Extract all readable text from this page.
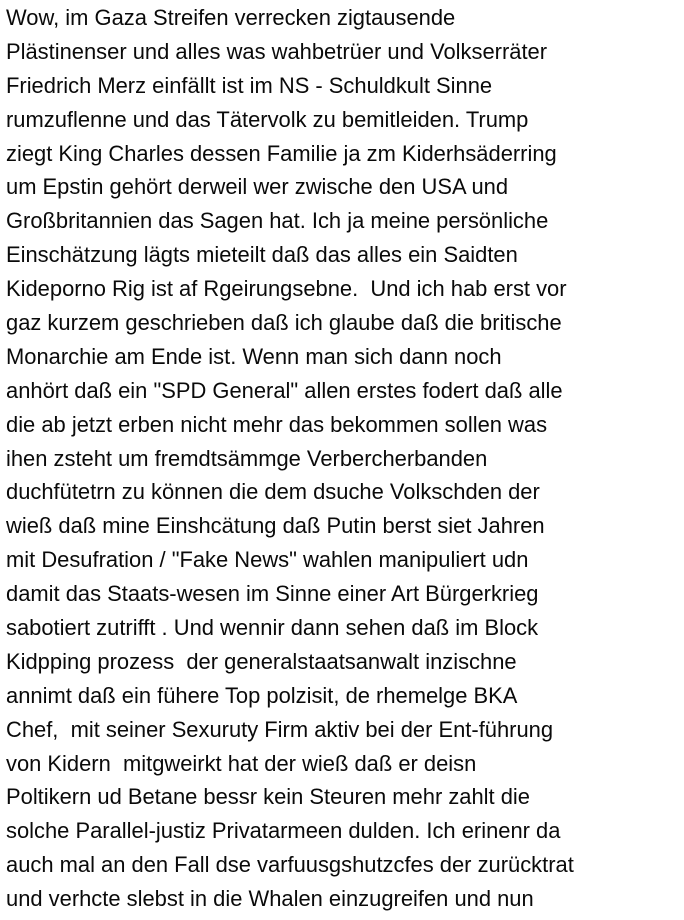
Wow, im Gaza Streifen verrecken zigtausende
Plästinenser und alles was wahbetrüer und Volkserräter
Friedrich Merz einfällt ist im NS - Schuldkult Sinne
rumzuflenne und das Tätervolk zu bemitleiden. Trump
ziegt King Charles dessen Familie ja zm Kiderhsäderring
um Epstin gehört derweil wer zwische den USA und
Großbritannien das Sagen hat. Ich ja meine persönliche
Einschätzung lägts mieteilt daß das alles ein Saidten
Kideporno Rig ist af Rgeirungsebne.  Und ich hab erst vor
gaz kurzem geschrieben daß ich glaube daß die britische
Monarchie am Ende ist. Wenn man sich dann noch
anhört daß ein "SPD General" allen erstes fodert daß alle
die ab jetzt erben nicht mehr das bekommen sollen was
ihen zsteht um fremdtsämmge Verbercherbanden
duchfütetrn zu können die dem dsuche Volkschden der
wieß daß mine Einshcätung daß Putin berst siet Jahren
mit Desufration / "Fake News" wahlen manipuliert udn
damit das Staats-wesen im Sinne einer Art Bürgerkrieg
sabotiert zutrifft . Und wennir dann sehen daß im Block
Kidpping prozess  der generalstaatsanwalt inzischne
annimt daß ein fühere Top polzisit, de rhemelge BKA
Chef,  mit seiner Sexuruty Firm aktiv bei der Ent-führung
von Kidern  mitgweirkt hat der wieß daß er deisn
Poltikern ud Betane bessr kein Steuren mehr zahlt die
solche Parallel-justiz Privatarmeen dulden. Ich erinenr da
auch mal an den Fall dse varfuusgshutzcfes der zurücktrat
und verhcte slebst in die Whalen einzugreifen und nun
